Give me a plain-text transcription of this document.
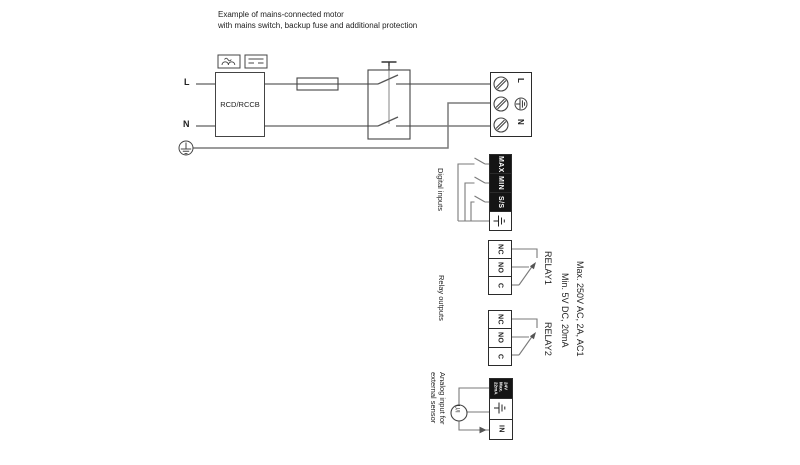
Example of mains-connected motor
with mains switch, backup fuse and additional protection
L
N
RCD/RCCB
L
N
Digital inputs
MAX
MIN
S/S
Relay outputs
NC
NO
C
RELAY1
NC
NO
C
RELAY2 Min. 5V DC, 20mA Max. 250V AC, 2A, AC1
Analog input for
external sensor	U/I
24V
Max.
22mA
IN
